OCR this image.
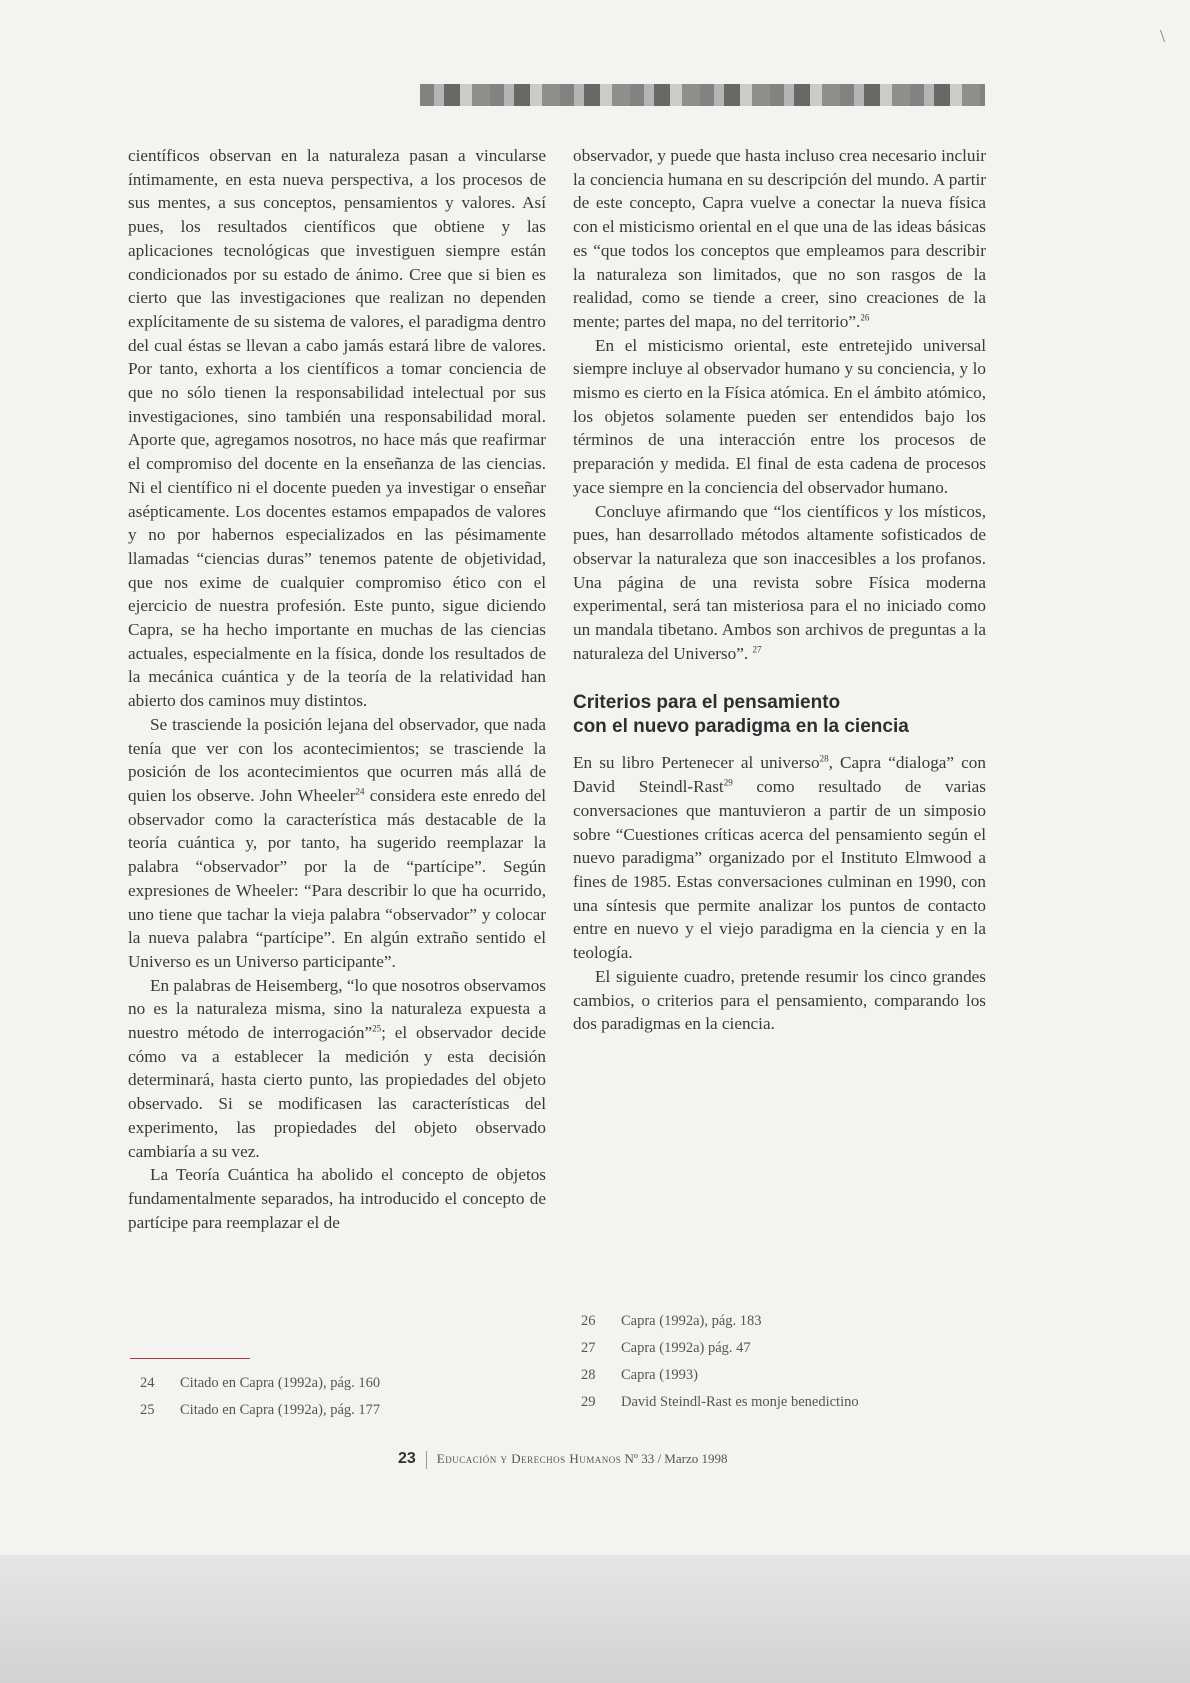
\

científicos observan en la naturaleza pasan a vincularse íntimamente, en esta nueva perspectiva, a los procesos de sus mentes, a sus conceptos, pensamientos y valores. Así pues, los resultados científicos que obtiene y las aplicaciones tecnológicas que investiguen siempre están condicionados por su estado de ánimo. Cree que si bien es cierto que las investigaciones que realizan no dependen explícitamente de su sistema de valores, el paradigma dentro del cual éstas se llevan a cabo jamás estará libre de valores. Por tanto, exhorta a los científicos a tomar conciencia de que no sólo tienen la responsabilidad intelectual por sus investigaciones, sino también una responsabilidad moral. Aporte que, agregamos nosotros, no hace más que reafirmar el compromiso del docente en la enseñanza de las ciencias. Ni el científico ni el docente pueden ya investigar o enseñar asépticamente. Los docentes estamos empapados de valores y no por habernos especializados en las pésimamente llamadas “ciencias duras” tenemos patente de objetividad, que nos exime de cualquier compromiso ético con el ejercicio de nuestra profesión. Este punto, sigue diciendo Capra, se ha hecho importante en muchas de las ciencias actuales, especialmente en la física, donde los resultados de la mecánica cuántica y de la teoría de la relatividad han abierto dos caminos muy distintos.

Se trasciende la posición lejana del observador, que nada tenía que ver con los acontecimientos; se trasciende la posición de los acontecimientos que ocurren más allá de quien los observe. John Wheeler$^{24}$ considera este enredo del observador como la característica más destacable de la teoría cuántica y, por tanto, ha sugerido reemplazar la palabra “observador” por la de “partícipe”. Según expresiones de Wheeler: “Para describir lo que ha ocurrido, uno tiene que tachar la vieja palabra “observador” y colocar la nueva palabra “partícipe”. En algún extraño sentido el Universo es un Universo participante”.

En palabras de Heisemberg, “lo que nosotros observamos no es la naturaleza misma, sino la naturaleza expuesta a nuestro método de interrogación”$^{25}$; el observador decide cómo va a establecer la medición y esta decisión determinará, hasta cierto punto, las propiedades del objeto observado. Si se modificasen las características del experimento, las propiedades del objeto observado cambiaría a su vez.

La Teoría Cuántica ha abolido el concepto de objetos fundamentalmente separados, ha introducido el concepto de partícipe para reemplazar el de

observador, y puede que hasta incluso crea necesario incluir la conciencia humana en su descripción del mundo. A partir de este concepto, Capra vuelve a conectar la nueva física con el misticismo oriental en el que una de las ideas básicas es “que todos los conceptos que empleamos para describir la naturaleza son limitados, que no son rasgos de la realidad, como se tiende a creer, sino creaciones de la mente; partes del mapa, no del territorio”.$^{26}$

En el misticismo oriental, este entretejido universal siempre incluye al observador humano y su conciencia, y lo mismo es cierto en la Física atómica. En el ámbito atómico, los objetos solamente pueden ser entendidos bajo los términos de una interacción entre los procesos de preparación y medida. El final de esta cadena de procesos yace siempre en la conciencia del observador humano.

Concluye afirmando que “los científicos y los místicos, pues, han desarrollado métodos altamente sofisticados de observar la naturaleza que son inaccesibles a los profanos. Una página de una revista sobre Física moderna experimental, será tan misteriosa para el no iniciado como un mandala tibetano. Ambos son archivos de preguntas a la naturaleza del Universo”. $^{27}$

Criterios para el pensamiento
con el nuevo paradigma en la ciencia

En su libro Pertenecer al universo$^{28}$, Capra “dialoga” con David Steindl-Rast$^{29}$ como resultado de varias conversaciones que mantuvieron a partir de un simposio sobre “Cuestiones críticas acerca del pensamiento según el nuevo paradigma” organizado por el Instituto Elmwood a fines de 1985. Estas conversaciones culminan en 1990, con una síntesis que permite analizar los puntos de contacto entre en nuevo y el viejo paradigma en la ciencia y en la teología.

El siguiente cuadro, pretende resumir los cinco grandes cambios, o criterios para el pensamiento, comparando los dos paradigmas en la ciencia.

26 Capra (1992a), pág. 183
27 Capra (1992a) pág. 47
28 Capra (1993)
29 David Steindl-Rast es monje benedictino
24 Citado en Capra (1992a), pág. 160
25 Citado en Capra (1992a), pág. 177
23 Educación y Derechos Humanos Nº 33 / Marzo 1998
